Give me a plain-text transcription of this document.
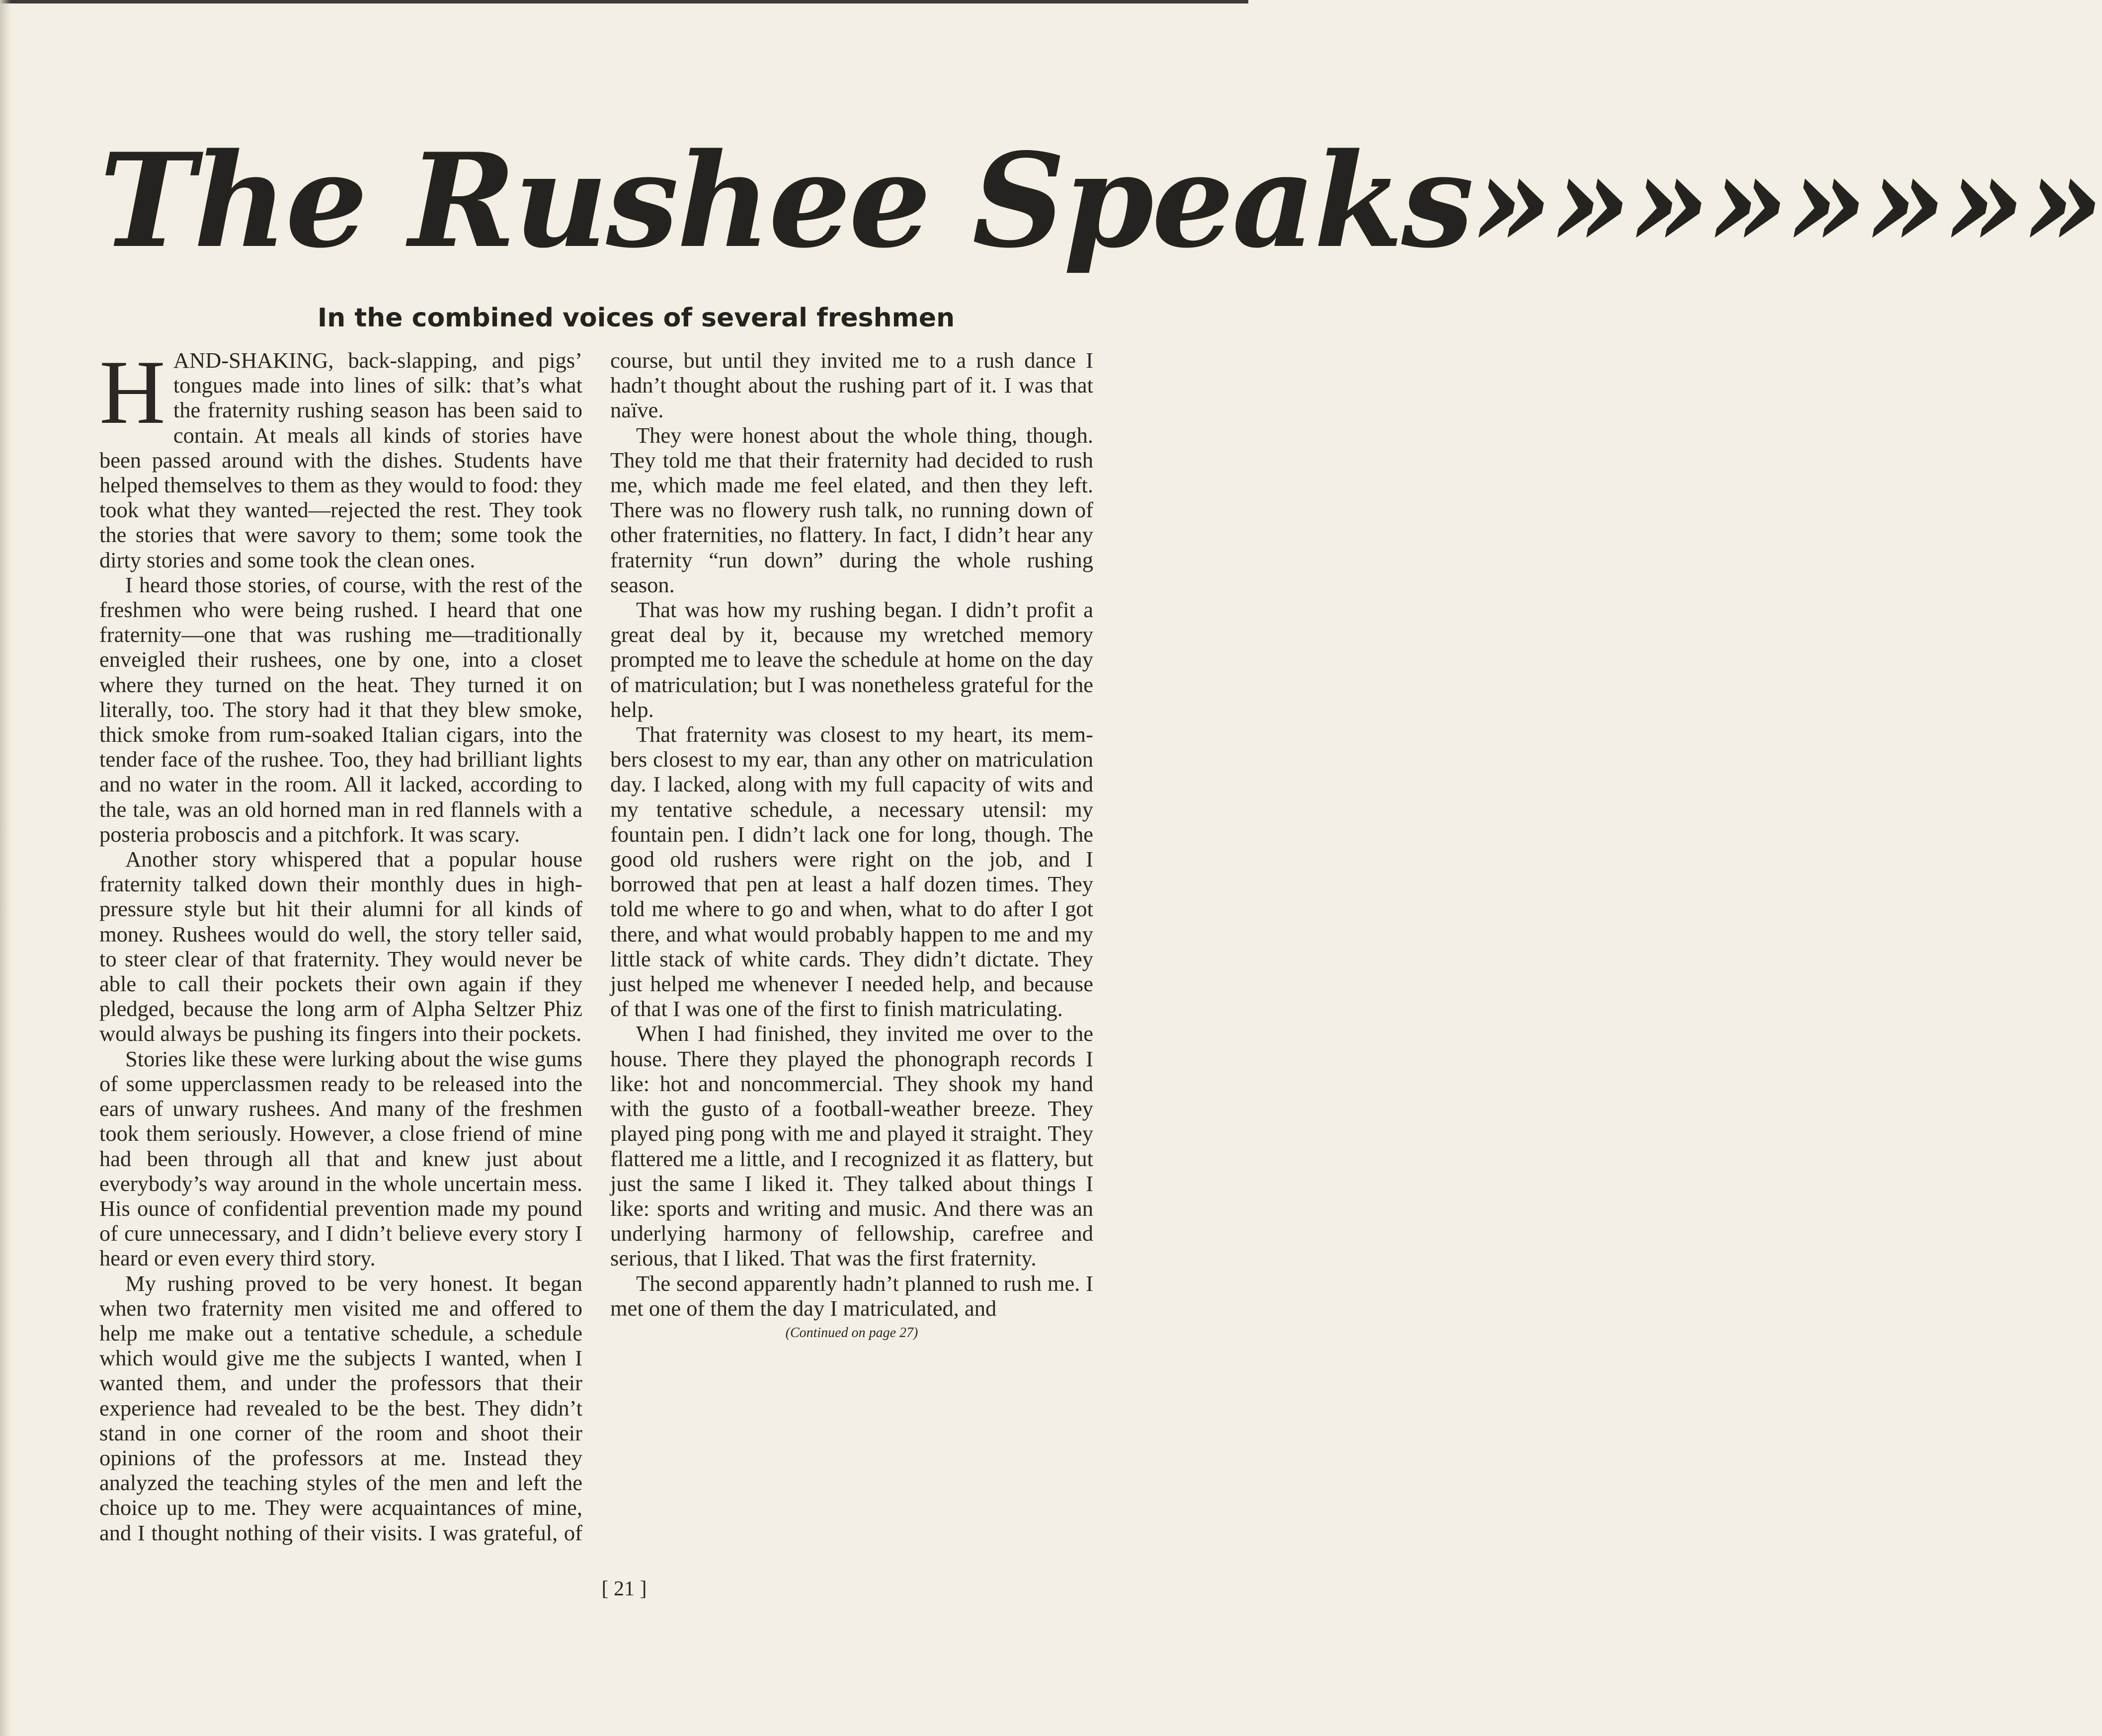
The Rushee Speaks»»»»»»»»
In the combined voices of several freshmen

HAND-SHAKING, back-slapping, and pigs’ tongues made into lines of silk: that’s what the fraternity rushing season has been said to contain. At meals all kinds of stories have been passed around with the dishes. Students have helped themselves to them as they would to food: they took what they wanted—rejected the rest. They took the stories that were savory to them; some took the dirty stories and some took the clean ones.

I heard those stories, of course, with the rest of the freshmen who were being rushed. I heard that one fraternity—one that was rushing me—traditionally enveigled their rushees, one by one, into a closet where they turned on the heat. They turned it on literally, too. The story had it that they blew smoke, thick smoke from rum-soaked Italian cigars, into the tender face of the rushee. Too, they had brilliant lights and no water in the room. All it lacked, according to the tale, was an old horned man in red flannels with a posteria proboscis and a pitchfork. It was scary.

Another story whispered that a popular house fraternity talked down their monthly dues in high-pressure style but hit their alumni for all kinds of money. Rushees would do well, the story teller said, to steer clear of that fraternity. They would never be able to call their pockets their own again if they pledged, because the long arm of Alpha Seltzer Phiz would always be pushing its fingers into their pockets.

Stories like these were lurking about the wise gums of some upperclassmen ready to be released into the ears of unwary rushees. And many of the freshmen took them seriously. However, a close friend of mine had been through all that and knew just about everybody’s way around in the whole uncertain mess. His ounce of confidential prevention made my pound of cure unnecessary, and I didn’t believe every story I heard or even every third story.

My rushing proved to be very honest. It began when two fraternity men visited me and offered to help me make out a tentative schedule, a schedule which would give me the subjects I wanted, when I wanted them, and under the professors that their experience had revealed to be the best. They didn’t stand in one corner of the room and shoot their opinions of the professors at me. Instead they analyzed the teaching styles of the men and left the choice up to me. They were acquaintances of mine, and I thought nothing of their visits. I was grateful, of course, but until they invited me to a rush dance I hadn’t thought about the rushing part of it. I was that naïve.

They were honest about the whole thing, though. They told me that their fraternity had decided to rush me, which made me feel elated, and then they left. There was no flowery rush talk, no running down of other fraternities, no flattery. In fact, I didn’t hear any fraternity “run down” during the whole rushing season.

That was how my rushing began. I didn’t profit a great deal by it, because my wretched memory prompted me to leave the schedule at home on the day of matriculation; but I was nonetheless grateful for the help.

That fraternity was closest to my heart, its members closest to my ear, than any other on matriculation day. I lacked, along with my full capacity of wits and my tentative schedule, a necessary utensil: my fountain pen. I didn’t lack one for long, though. The good old rushers were right on the job, and I borrowed that pen at least a half dozen times. They told me where to go and when, what to do after I got there, and what would probably happen to me and my little stack of white cards. They didn’t dictate. They just helped me whenever I needed help, and because of that I was one of the first to finish matriculating.

When I had finished, they invited me over to the house. There they played the phonograph records I like: hot and noncommercial. They shook my hand with the gusto of a football-weather breeze. They played ping pong with me and played it straight. They flattered me a little, and I recognized it as flattery, but just the same I liked it. They talked about things I like: sports and writing and music. And there was an underlying harmony of fellowship, carefree and serious, that I liked. That was the first fraternity.

The second apparently hadn’t planned to rush me. I met one of them the day I matriculated, and

(Continued on page 27)

[ 21 ]
